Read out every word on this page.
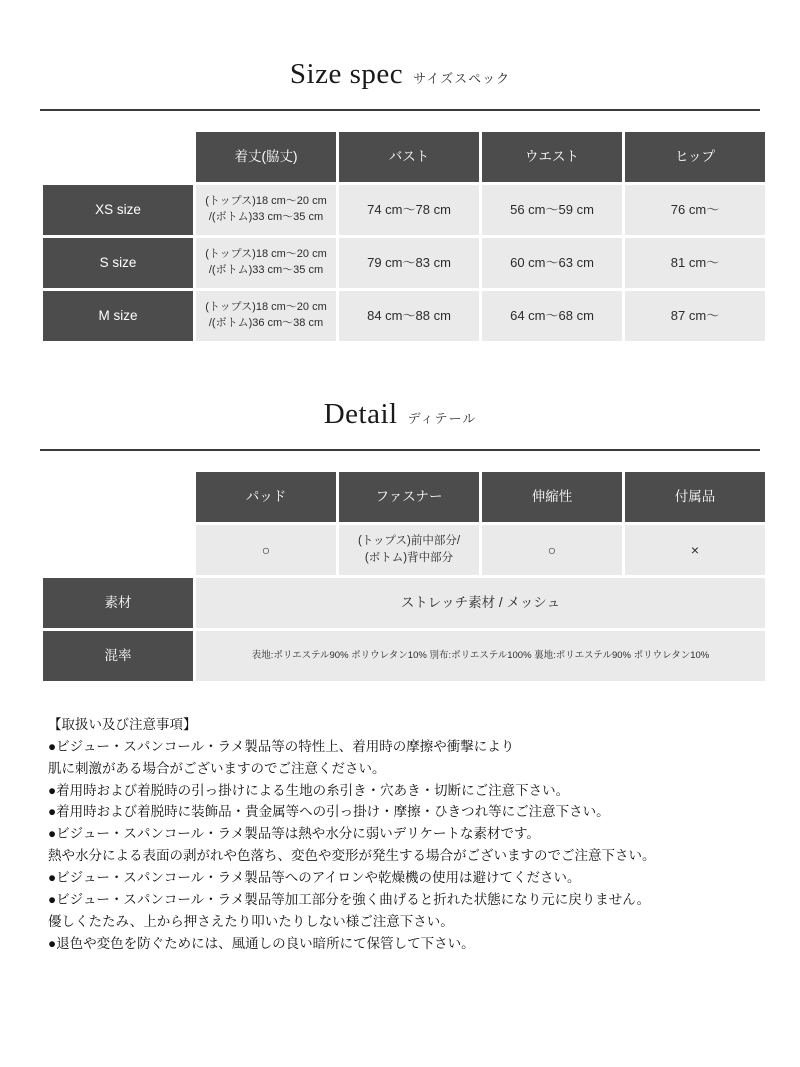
Size spec サイズスペック

着丈(脇丈)	バスト	ウエスト	ヒップ

XS size	(トップス)18 cm〜20 cm
/(ボトム)33 cm〜35 cm	74 cm〜78 cm	56 cm〜59 cm	76 cm〜

S size	(トップス)18 cm〜20 cm
/(ボトム)33 cm〜35 cm	79 cm〜83 cm	60 cm〜63 cm	81 cm〜

M size	(トップス)18 cm〜20 cm
/(ボトム)36 cm〜38 cm	84 cm〜88 cm	64 cm〜68 cm	87 cm〜
Detail ディテール

パッド	ファスナー	伸縮性	付属品

○	(トップス)前中部分/
(ボトム)背中部分	○	×

素材	ストレッチ素材 / メッシュ			

混率	表地:ポリエステル90% ポリウレタン10% 別布:ポリエステル100% 裏地:ポリエステル90% ポリウレタン10%			

【取扱い及び注意事項】

●ビジュー・スパンコール・ラメ製品等の特性上、着用時の摩擦や衝撃により

肌に刺激がある場合がございますのでご注意ください。

●着用時および着脱時の引っ掛けによる生地の糸引き・穴あき・切断にご注意下さい。

●着用時および着脱時に装飾品・貴金属等への引っ掛け・摩擦・ひきつれ等にご注意下さい。

●ビジュー・スパンコール・ラメ製品等は熱や水分に弱いデリケートな素材です。

熱や水分による表面の剥がれや色落ち、変色や変形が発生する場合がございますのでご注意下さい。

●ビジュー・スパンコール・ラメ製品等へのアイロンや乾燥機の使用は避けてください。

●ビジュー・スパンコール・ラメ製品等加工部分を強く曲げると折れた状態になり元に戻りません。

優しくたたみ、上から押さえたり叩いたりしない様ご注意下さい。

●退色や変色を防ぐためには、風通しの良い暗所にて保管して下さい。
